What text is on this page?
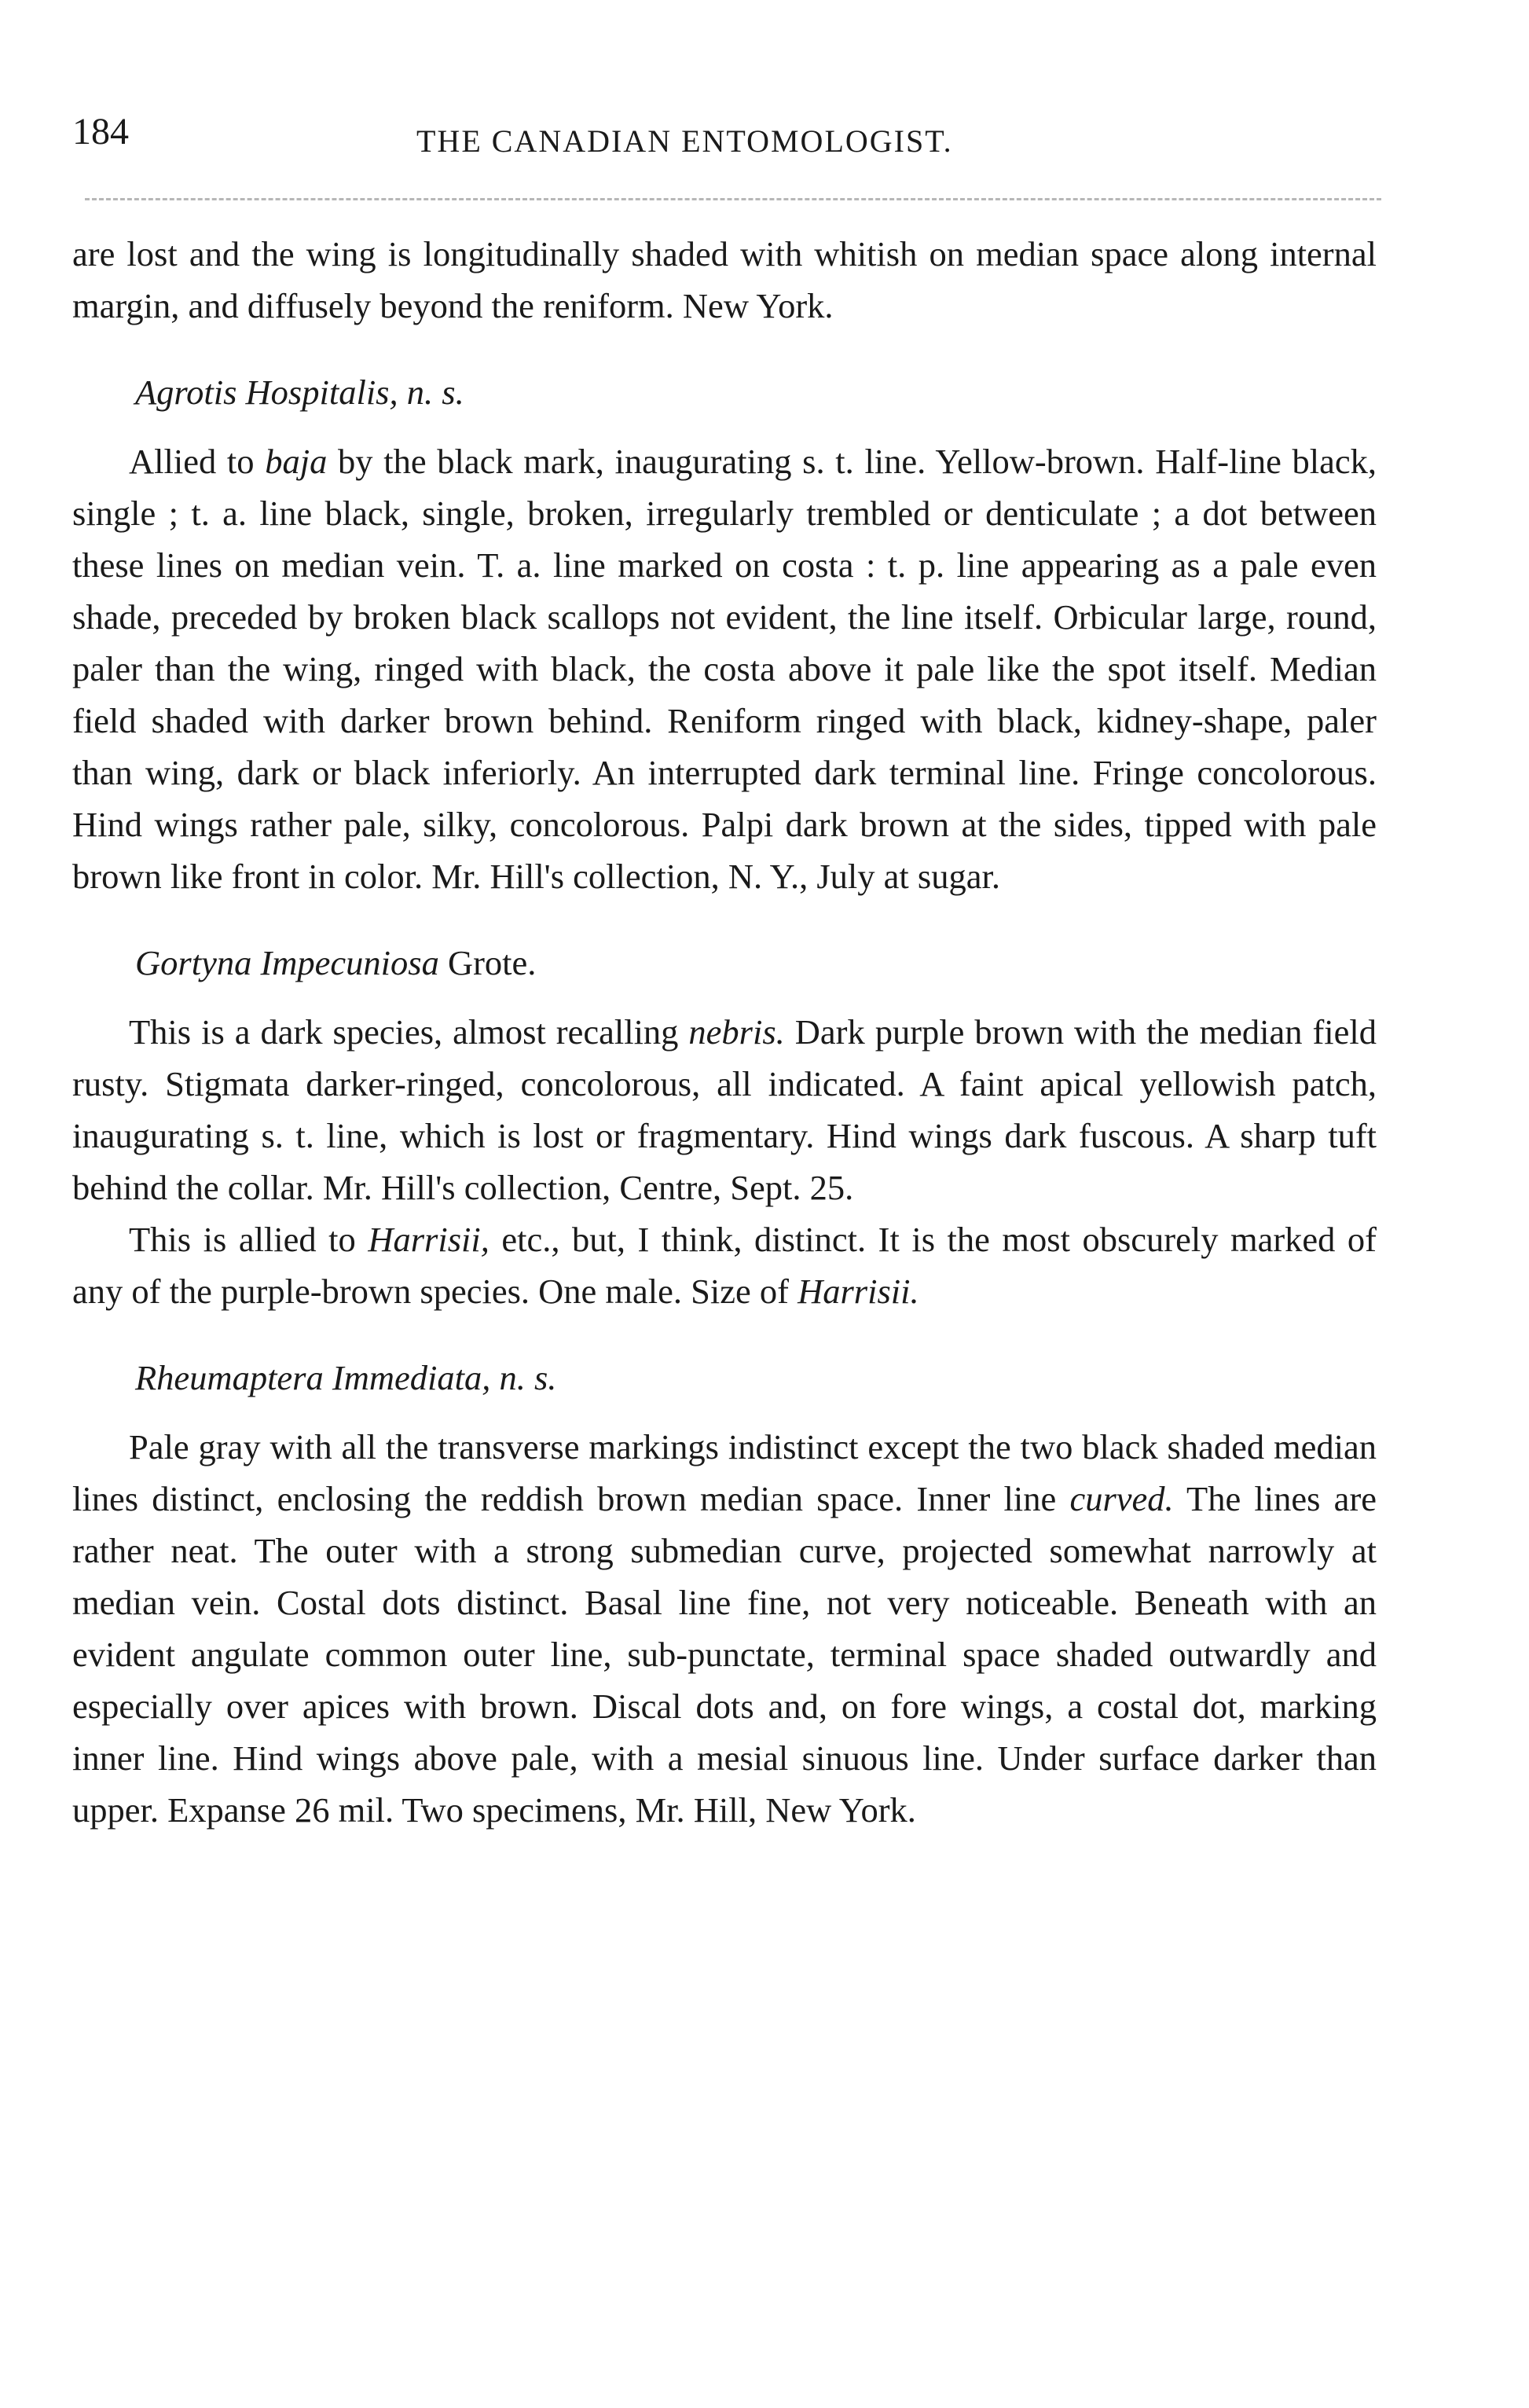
184	THE CANADIAN ENTOMOLOGIST.

are lost and the wing is longitudinally shaded with whitish on median space along internal margin, and diffusely beyond the reniform. New York.

Agrotis Hospitalis, n. s.

Allied to baja by the black mark, inaugurating s. t. line. Yellow-brown. Half-line black, single ; t. a. line black, single, broken, irregularly trembled or denticulate ; a dot between these lines on median vein. T. a. line marked on costa : t. p. line appearing as a pale even shade, preceded by broken black scallops not evident, the line itself. Orbicular large, round, paler than the wing, ringed with black, the costa above it pale like the spot itself. Median field shaded with darker brown behind. Reniform ringed with black, kidney-shape, paler than wing, dark or black inferiorly. An interrupted dark terminal line. Fringe concolorous. Hind wings rather pale, silky, concolorous. Palpi dark brown at the sides, tipped with pale brown like front in color. Mr. Hill's collection, N. Y., July at sugar.

Gortyna Impecuniosa Grote.

This is a dark species, almost recalling nebris. Dark purple brown with the median field rusty. Stigmata darker-ringed, concolorous, all indicated. A faint apical yellowish patch, inaugurating s. t. line, which is lost or fragmentary. Hind wings dark fuscous. A sharp tuft behind the collar. Mr. Hill's collection, Centre, Sept. 25.

This is allied to Harrisii, etc., but, I think, distinct. It is the most obscurely marked of any of the purple-brown species. One male. Size of Harrisii.

Rheumaptera Immediata, n. s.

Pale gray with all the transverse markings indistinct except the two black shaded median lines distinct, enclosing the reddish brown median space. Inner line curved. The lines are rather neat. The outer with a strong submedian curve, projected somewhat narrowly at median vein. Costal dots distinct. Basal line fine, not very noticeable. Beneath with an evident angulate common outer line, sub-punctate, terminal space shaded outwardly and especially over apices with brown. Discal dots and, on fore wings, a costal dot, marking inner line. Hind wings above pale, with a mesial sinuous line. Under surface darker than upper. Expanse 26 mil. Two specimens, Mr. Hill, New York.
